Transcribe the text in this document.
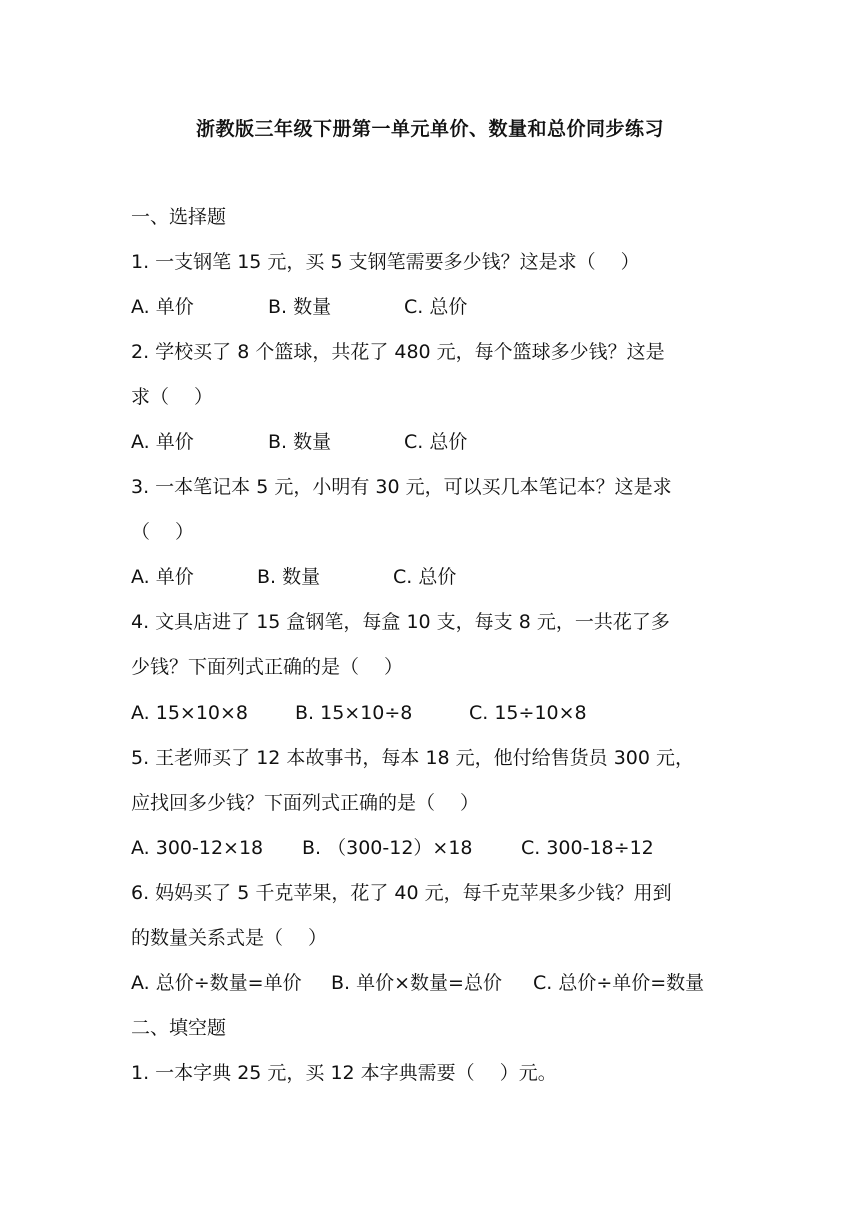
浙教版三年级下册第一单元单价、数量和总价同步练习
一、选择题
1. 一支钢笔 15 元，买 5 支钢笔需要多少钱？这是求（　 ）
A. 单价	B. 数量	C. 总价
2. 学校买了 8 个篮球，共花了 480 元，每个篮球多少钱？这是
求（　 ）
A. 单价	B. 数量	C. 总价
3. 一本笔记本 5 元，小明有 30 元，可以买几本笔记本？这是求
（　 ）
A. 单价	B. 数量	C. 总价
4. 文具店进了 15 盒钢笔，每盒 10 支，每支 8 元，一共花了多
少钱？下面列式正确的是（　 ）
A. 15×10×8 B. 15×10÷8	C. 15÷10×8
5. 王老师买了 12 本故事书，每本 18 元，他付给售货员 300 元，
应找回多少钱？下面列式正确的是（　 ）
A. 300-12×18 B. （300-12）×18	C. 300-18÷12
6. 妈妈买了 5 千克苹果，花了 40 元，每千克苹果多少钱？用到
的数量关系式是（　 ）
A. 总价÷数量=单价 B. 单价×数量=总价 C. 总价÷单价=数量
二、填空题
1. 一本字典 25 元，买 12 本字典需要（　 ）元。
